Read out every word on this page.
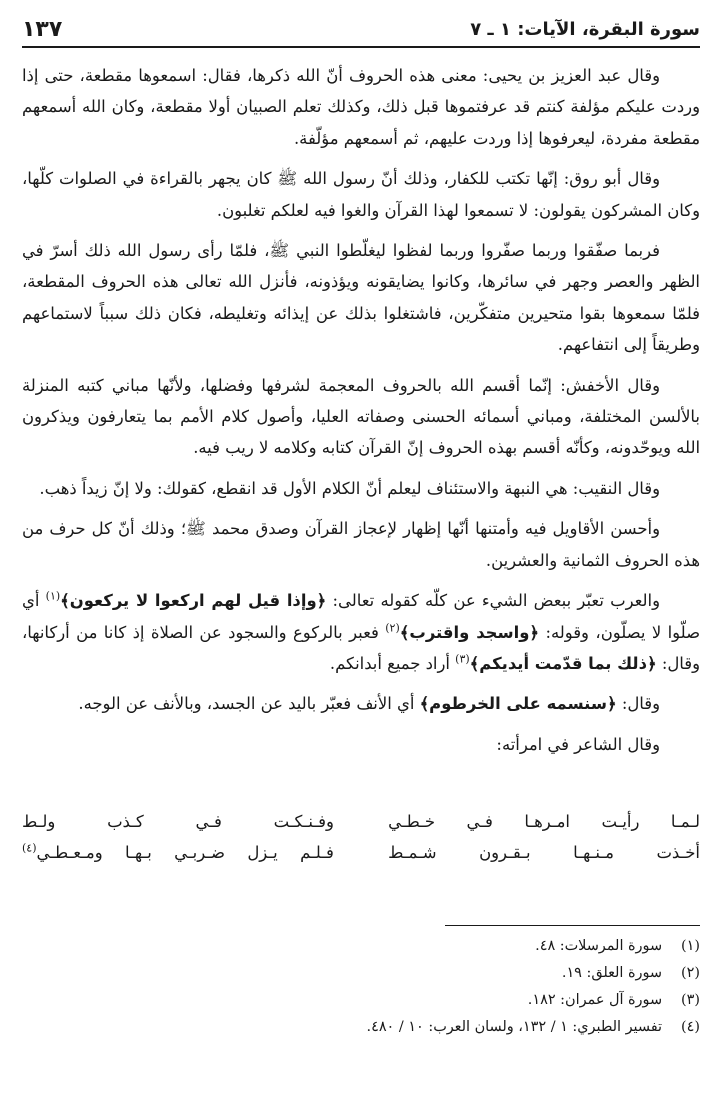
سورة البقرة، الآيات: ١ ـ ٧
١٣٧

وقال عبد العزيز بن يحيى: معنى هذه الحروف أنّ الله ذكرها، فقال: اسمعوها مقطعة، حتى إذا وردت عليكم مؤلفة كنتم قد عرفتموها قبل ذلك، وكذلك تعلم الصبيان أولا مقطعة، وكان الله أسمعهم مقطعة مفردة، ليعرفوها إذا وردت عليهم، ثم أسمعهم مؤلّفة.

وقال أبو روق: إنّها تكتب للكفار، وذلك أنّ رسول الله ﷺ كان يجهر بالقراءة في الصلوات كلّها، وكان المشركون يقولون: لا تسمعوا لهذا القرآن والغوا فيه لعلكم تغلبون.

فربما صفّقوا وربما صفّروا وربما لفظوا ليغلّطوا النبي ﷺ، فلمّا رأى رسول الله ذلك أسرّ في الظهر والعصر وجهر في سائرها، وكانوا يضايقونه ويؤذونه، فأنزل الله تعالى هذه الحروف المقطعة، فلمّا سمعوها بقوا متحيرين متفكّرين، فاشتغلوا بذلك عن إيذائه وتغليطه، فكان ذلك سبباً لاستماعهم وطريقاً إلى انتفاعهم.

وقال الأخفش: إنّما أقسم الله بالحروف المعجمة لشرفها وفضلها، ولأنّها مباني كتبه المنزلة بالألسن المختلفة، ومباني أسمائه الحسنى وصفاته العليا، وأصول كلام الأمم بما يتعارفون ويذكرون الله ويوحّدونه، وكأنّه أقسم بهذه الحروف إنّ القرآن كتابه وكلامه لا ريب فيه.

وقال النقيب: هي النبهة والاستئناف ليعلم أنّ الكلام الأول قد انقطع، كقولك: ولا إنّ زيداً ذهب.

وأحسن الأقاويل فيه وأمتنها أنّها إظهار لإعجاز القرآن وصدق محمد ﷺ؛ وذلك أنّ كل حرف من هذه الحروف الثمانية والعشرين.

والعرب تعبّر ببعض الشيء عن كلّه كقوله تعالى: ﴿وإذا قيل لهم اركعوا لا يركعون﴾$^{(١)}$ أي صلّوا لا يصلّون، وقوله: ﴿واسجد واقترب﴾$^{(٢)}$ فعبر بالركوع والسجود عن الصلاة إذ كانا من أركانها، وقال: ﴿ذلك بما قدّمت أيديكم﴾$^{(٣)}$ أراد جميع أبدانكم.

وقال: ﴿سنسمه على الخرطوم﴾ أي الأنف فعبّر باليد عن الجسد، وبالأنف عن الوجه.

وقال الشاعر في امرأته:

لـمـا رأيـت امـرهـا فـي خـطـي
وفـنـكـت فـي كـذب ولـط
أخـذت مـنـهـا بـقـرون شـمـط
فـلـم يـزل ضـربـي بـهـا ومـعـطـي$^{(٤)}$
(١)
سورة المرسلات: ٤٨.
(٢)
سورة العلق: ١٩.
(٣)
سورة آل عمران: ١٨٢.
(٤)
تفسير الطبري: ١ / ١٣٢، ولسان العرب: ١٠ / ٤٨٠.
